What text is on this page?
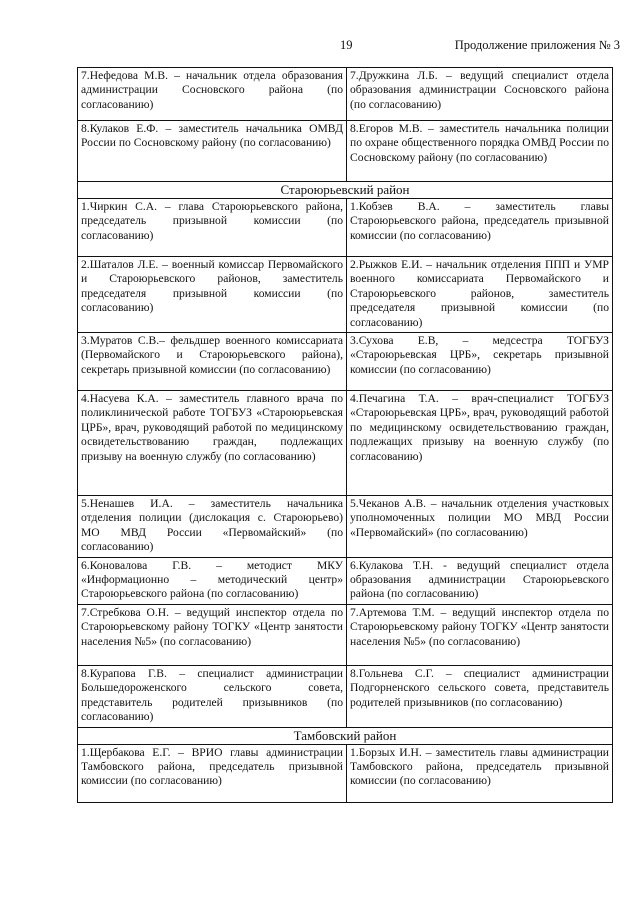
19	Продолжение приложения № 3
7.Нефедова М.В. – начальник отдела образования администрации Сосновского района (по согласованию)	7.Дружкина Л.Б. – ведущий специалист отдела образования администрации Сосновского района (по согласованию)
8.Кулаков Е.Ф. – заместитель начальника ОМВД России по Сосновскому району (по согласованию)	8.Егоров М.В. – заместитель начальника полиции по охране общественного порядка ОМВД России по Сосновскому району (по согласованию)
Староюрьевский район	
1.Чиркин С.А. – глава Староюрьевского района, председатель призывной комиссии (по согласованию)	1.Кобзев В.А. – заместитель главы Староюрьевского района, председатель призывной комиссии (по согласованию)
2.Шаталов Л.Е. – военный комиссар Первомайского и Староюрьевского районов, заместитель председателя призывной комиссии (по согласованию)	2.Рыжков Е.И. – начальник отделения ППП и УМР военного комиссариата Первомайского и Староюрьевского районов, заместитель председателя призывной комиссии (по согласованию)
3.Муратов С.В.– фельдшер военного комиссариата (Первомайского и Староюрьевского района), секретарь призывной комиссии (по согласованию)	3.Сухова Е.В, – медсестра ТОГБУЗ «Староюрьевская ЦРБ», секретарь призывной комиссии (по согласованию)
4.Насуева К.А. – заместитель главного врача по поликлинической работе ТОГБУЗ «Староюрьевская ЦРБ», врач, руководящий работой по медицинскому освидетельствованию граждан, подлежащих призыву на военную службу (по согласованию)	4.Печагина Т.А. – врач-специалист ТОГБУЗ «Староюрьевская ЦРБ», врач, руководящий работой по медицинскому освидетельствованию граждан, подлежащих призыву на военную службу (по согласованию)
5.Ненашев И.А. – заместитель начальника отделения полиции (дислокация с. Староюрьево) МО МВД России «Первомайский» (по согласованию)	5.Чеканов А.В. – начальник отделения участковых уполномоченных полиции МО МВД России «Первомайский» (по согласованию)
6.Коновалова Г.В. – методист МКУ «Информационно – методический центр» Староюрьевского района (по согласованию)	6.Кулакова Т.Н. - ведущий специалист отдела образования администрации Староюрьевского района (по согласованию)
7.Стребкова О.Н. – ведущий инспектор отдела по Староюрьевскому району ТОГКУ «Центр занятости населения №5» (по согласованию)	7.Артемова Т.М. – ведущий инспектор отдела по Староюрьевскому району ТОГКУ «Центр занятости населения №5» (по согласованию)
8.Курапова Г.В. – специалист администрации Большедороженского сельского совета, представитель родителей призывников (по согласованию)	8.Гольнева С.Г. – специалист администрации Подгорненского сельского совета, представитель родителей призывников (по согласованию)
Тамбовский район	
1.Щербакова Е.Г. – ВРИО главы администрации Тамбовского района, председатель призывной комиссии (по согласованию)	1.Борзых И.Н. – заместитель главы администрации Тамбовского района, председатель призывной комиссии (по согласованию)
